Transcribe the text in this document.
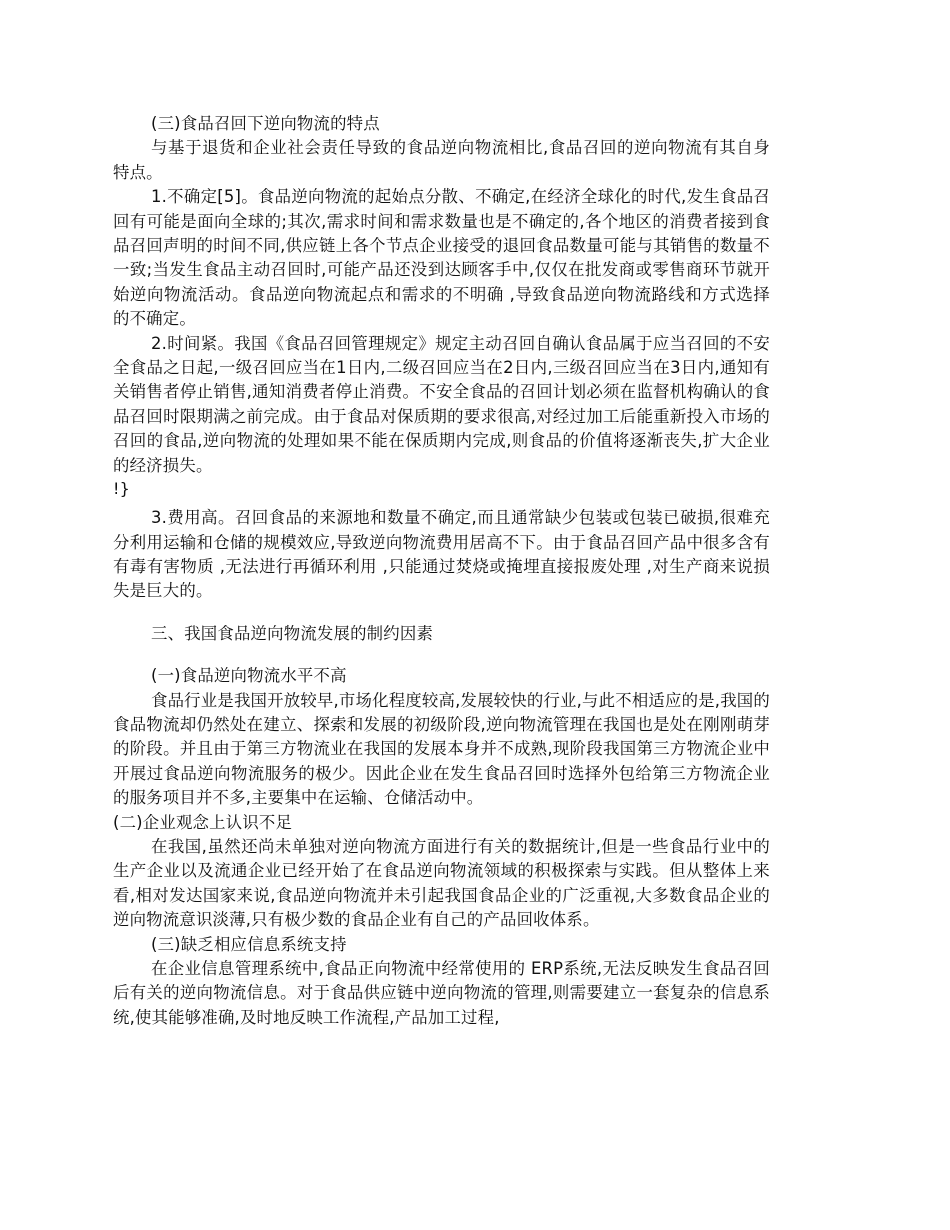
(三)食品召回下逆向物流的特点

与基于退货和企业社会责任导致的食品逆向物流相比,食品召回的逆向物流有其自身特点。

1.不确定[5]。食品逆向物流的起始点分散、不确定,在经济全球化的时代,发生食品召回有可能是面向全球的;其次,需求时间和需求数量也是不确定的,各个地区的消费者接到食品召回声明的时间不同,供应链上各个节点企业接受的退回食品数量可能与其销售的数量不一致;当发生食品主动召回时,可能产品还没到达顾客手中,仅仅在批发商或零售商环节就开始逆向物流活动。食品逆向物流起点和需求的不明确 ,导致食品逆向物流路线和方式选择的不确定。

2.时间紧。我国《食品召回管理规定》规定主动召回自确认食品属于应当召回的不安全食品之日起,一级召回应当在1日内,二级召回应当在2日内,三级召回应当在3日内,通知有关销售者停止销售,通知消费者停止消费。不安全食品的召回计划必须在监督机构确认的食品召回时限期满之前完成。由于食品对保质期的要求很高,对经过加工后能重新投入市场的召回的食品,逆向物流的处理如果不能在保质期内完成,则食品的价值将逐渐丧失,扩大企业的经济损失。

!}

3.费用高。召回食品的来源地和数量不确定,而且通常缺少包装或包装已破损,很难充分利用运输和仓储的规模效应,导致逆向物流费用居高不下。由于食品召回产品中很多含有有毒有害物质 ,无法进行再循环利用 ,只能通过焚烧或掩埋直接报废处理 ,对生产商来说损失是巨大的。

三、我国食品逆向物流发展的制约因素

(一)食品逆向物流水平不高

食品行业是我国开放较早,市场化程度较高,发展较快的行业,与此不相适应的是,我国的食品物流却仍然处在建立、探索和发展的初级阶段,逆向物流管理在我国也是处在刚刚萌芽的阶段。并且由于第三方物流业在我国的发展本身并不成熟,现阶段我国第三方物流企业中开展过食品逆向物流服务的极少。因此企业在发生食品召回时选择外包给第三方物流企业的服务项目并不多,主要集中在运输、仓储活动中。

(二)企业观念上认识不足

在我国,虽然还尚未单独对逆向物流方面进行有关的数据统计,但是一些食品行业中的生产企业以及流通企业已经开始了在食品逆向物流领域的积极探索与实践。但从整体上来看,相对发达国家来说,食品逆向物流并未引起我国食品企业的广泛重视,大多数食品企业的逆向物流意识淡薄,只有极少数的食品企业有自己的产品回收体系。

(三)缺乏相应信息系统支持

在企业信息管理系统中,食品正向物流中经常使用的 ERP系统,无法反映发生食品召回后有关的逆向物流信息。对于食品供应链中逆向物流的管理,则需要建立一套复杂的信息系统,使其能够准确,及时地反映工作流程,产品加工过程,
